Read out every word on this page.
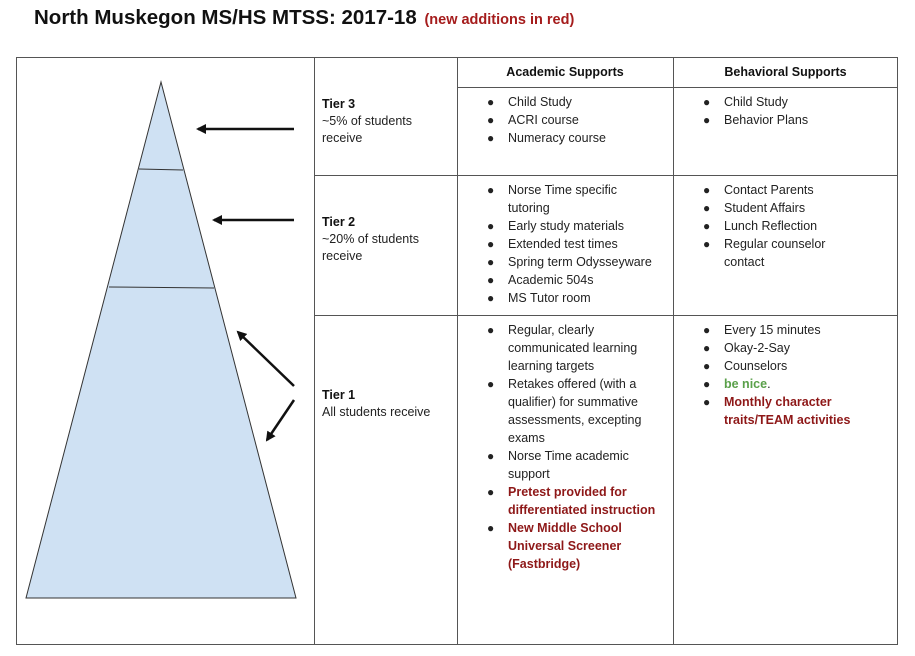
North Muskegon MS/HS MTSS: 2017-18 (new additions in red)
Academic Supports	Behavioral Supports
Tier 3
~5% of students
receive
Tier 2
~20% of students
receive
Tier 1
All students receive
● Child Study
● ACRI course
● Numeracy course
● Child Study
● Behavior Plans
● Norse Time specific
tutoring
● Early study materials
● Extended test times
● Spring term Odysseyware
● Academic 504s
● MS Tutor room
● Contact Parents
● Student Affairs
● Lunch Reflection
● Regular counselor
contact
● Regular, clearly
communicated learning
learning targets
● Retakes offered (with a
qualifier) for summative
assessments, excepting
exams
● Norse Time academic
support
● Pretest provided for
differentiated instruction
● New Middle School
Universal Screener
(Fastbridge)
● Every 15 minutes
● Okay-2-Say
● Counselors
● be nice.
● Monthly character
traits/TEAM activities
